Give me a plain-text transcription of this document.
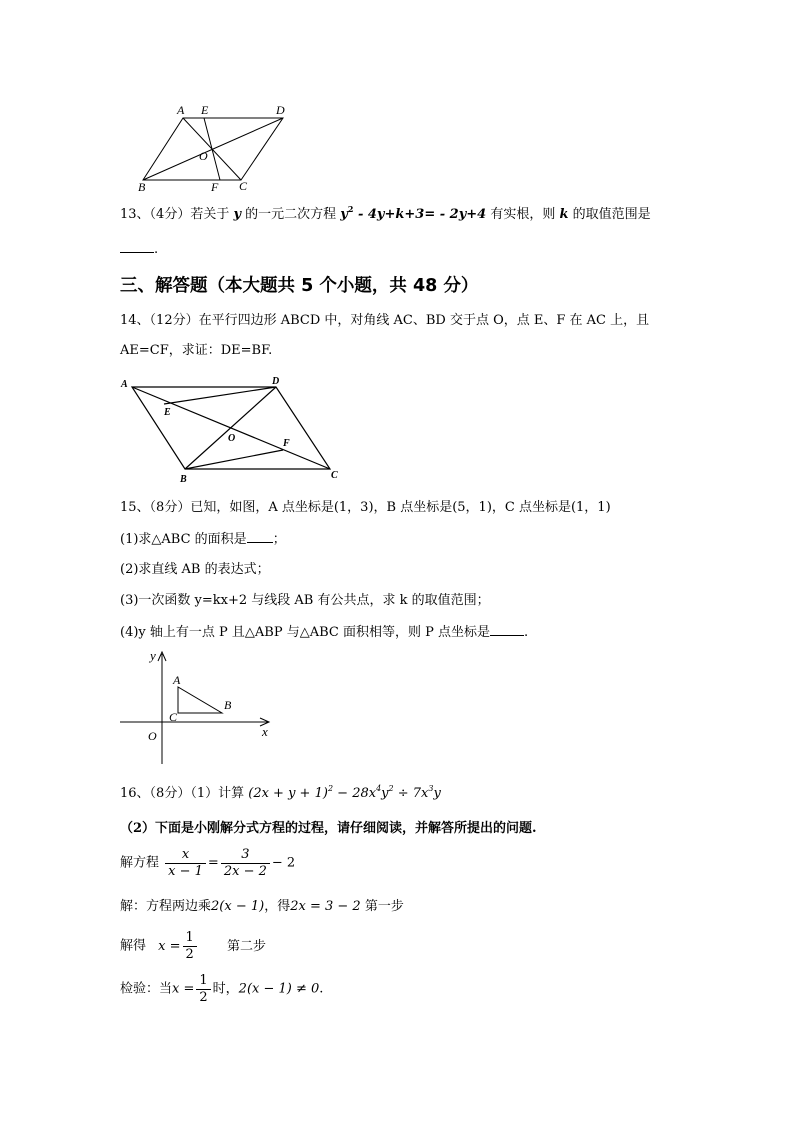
A E	D
O
B	F C
13、（4分）若关于 y 的一元二次方程 $y^2 - 4y+k+3= - 2y+4$ 有实根，则 k 的取值范围是
.
三、解答题（本大题共 5 个小题，共 48 分）
14、（12分）在平行四边形 ABCD 中，对角线 AC、BD 交于点 O，点 E、F 在 AC 上，且
AE=CF，求证：DE=BF.
A	D
E
O	F
B	C
15、（8分）已知，如图，A 点坐标是(1，3)，B 点坐标是(5，1)，C 点坐标是(1，1)
(1)求△ABC 的面积是 ；
(2)求直线 AB 的表达式；
(3)一次函数 y=kx+2 与线段 AB 有公共点，求 k 的取值范围；
(4)y 轴上有一点 P 且△ABP 与△ABC 面积相等，则 P 点坐标是	.
y
x
A
B
C
O
16、（8分）（1）计算 $(2x + y + 1)^2 - 28x^4y^2 \div 7x^3y$
（2）下面是小刚解分式方程的过程，请仔细阅读，并解答所提出的问题.
解方程 $\frac{x}{x - 1} = \frac{3}{2x - 2} - 2$
解：方程两边乘2(x − 1)，得2x = 3 − 2 第一步
解得 $x = \frac{1}{2}$ 第二步
检验：当$x = \frac{1}{2}$ 时，2(x − 1) ≠ 0.
